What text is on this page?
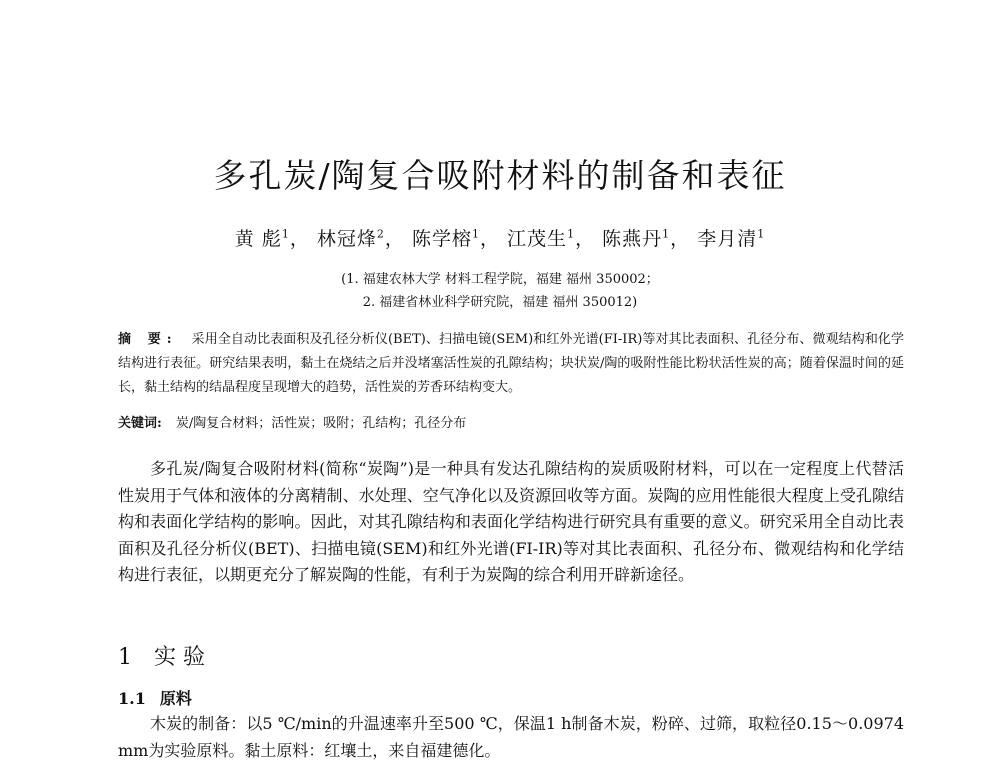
多孔炭/陶复合吸附材料的制备和表征
黄 彪$^1$， 林冠烽$^2$， 陈学榕$^1$， 江茂生$^1$， 陈燕丹$^1$， 李月清$^1$
(1. 福建农林大学 材料工程学院，福建 福州 350002；
2. 福建省林业科学研究院，福建 福州 350012)
摘 要: 采用全自动比表面积及孔径分析仪(BET)、扫描电镜(SEM)和红外光谱(FI-IR)等对其比表面积、孔径分布、微观结构和化学结构进行表征。研究结果表明，黏土在烧结之后并没堵塞活性炭的孔隙结构；块状炭/陶的吸附性能比粉状活性炭的高；随着保温时间的延长，黏土结构的结晶程度呈现增大的趋势，活性炭的芳香环结构变大。
关键词: 炭/陶复合材料；活性炭；吸附；孔结构；孔径分布
多孔炭/陶复合吸附材料(简称“炭陶”)是一种具有发达孔隙结构的炭质吸附材料，可以在一定程度上代替活性炭用于气体和液体的分离精制、水处理、空气净化以及资源回收等方面。炭陶的应用性能很大程度上受孔隙结构和表面化学结构的影响。因此，对其孔隙结构和表面化学结构进行研究具有重要的意义。研究采用全自动比表面积及孔径分析仪(BET)、扫描电镜(SEM)和红外光谱(FI-IR)等对其比表面积、孔径分布、微观结构和化学结构进行表征，以期更充分了解炭陶的性能，有利于为炭陶的综合利用开辟新途径。
1 实 验
1.1 原料
木炭的制备：以5 ℃/min的升温速率升至500 ℃，保温1 h制备木炭，粉碎、过筛，取粒径0.15～0.0974 mm为实验原料。黏土原料：红壤土，来自福建德化。
